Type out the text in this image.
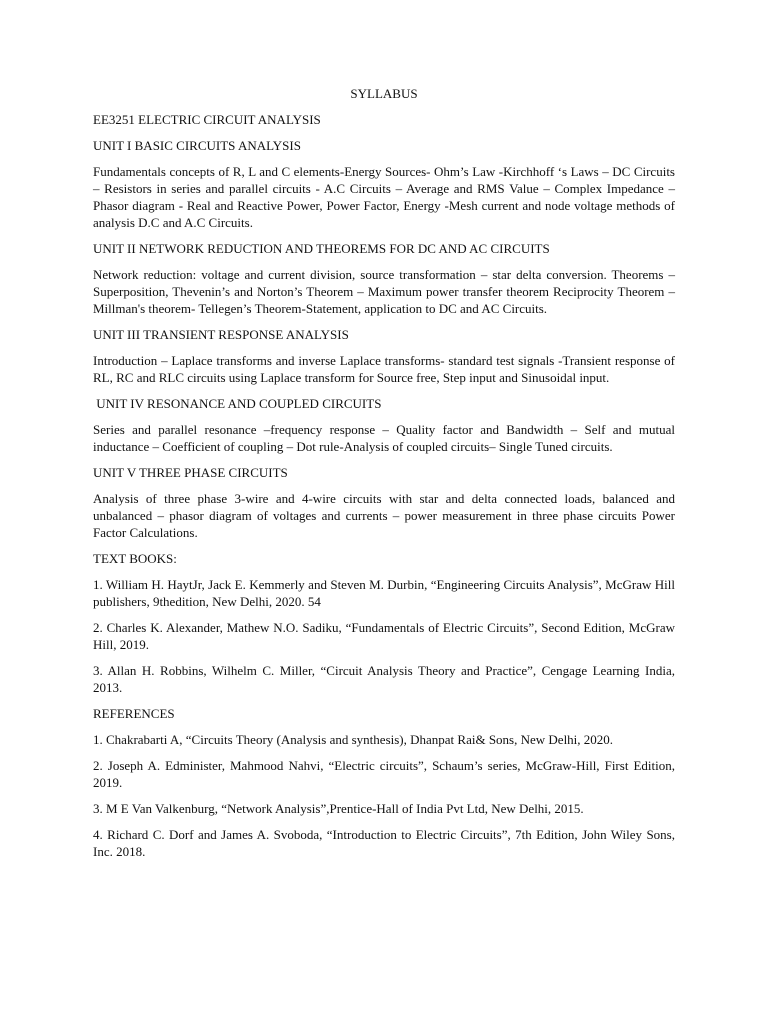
SYLLABUS
EE3251 ELECTRIC CIRCUIT ANALYSIS
UNIT I BASIC CIRCUITS ANALYSIS
Fundamentals concepts of R, L and C elements-Energy Sources- Ohm’s Law -Kirchhoff ‘s Laws – DC Circuits – Resistors in series and parallel circuits - A.C Circuits – Average and RMS Value – Complex Impedance – Phasor diagram - Real and Reactive Power, Power Factor, Energy -Mesh current and node voltage methods of analysis D.C and A.C Circuits.
UNIT II NETWORK REDUCTION AND THEOREMS FOR DC AND AC CIRCUITS
Network reduction: voltage and current division, source transformation – star delta conversion. Theorems – Superposition, Thevenin’s and Norton’s Theorem – Maximum power transfer theorem Reciprocity Theorem – Millman's theorem- Tellegen’s Theorem-Statement, application to DC and AC Circuits.
UNIT III TRANSIENT RESPONSE ANALYSIS
Introduction – Laplace transforms and inverse Laplace transforms- standard test signals -Transient response of RL, RC and RLC circuits using Laplace transform for Source free, Step input and Sinusoidal input.
UNIT IV RESONANCE AND COUPLED CIRCUITS
Series and parallel resonance –frequency response – Quality factor and Bandwidth – Self and mutual inductance – Coefficient of coupling – Dot rule-Analysis of coupled circuits– Single Tuned circuits.
UNIT V THREE PHASE CIRCUITS
Analysis of three phase 3-wire and 4-wire circuits with star and delta connected loads, balanced and unbalanced – phasor diagram of voltages and currents – power measurement in three phase circuits Power Factor Calculations.
TEXT BOOKS:
1. William H. HaytJr, Jack E. Kemmerly and Steven M. Durbin, “Engineering Circuits Analysis”, McGraw Hill publishers, 9thedition, New Delhi, 2020. 54
2. Charles K. Alexander, Mathew N.O. Sadiku, “Fundamentals of Electric Circuits”, Second Edition, McGraw Hill, 2019.
3. Allan H. Robbins, Wilhelm C. Miller, “Circuit Analysis Theory and Practice”, Cengage Learning India, 2013.
REFERENCES
1. Chakrabarti A, “Circuits Theory (Analysis and synthesis), Dhanpat Rai& Sons, New Delhi, 2020.
2. Joseph A. Edminister, Mahmood Nahvi, “Electric circuits”, Schaum’s series, McGraw-Hill, First Edition, 2019.
3. M E Van Valkenburg, “Network Analysis”,Prentice-Hall of India Pvt Ltd, New Delhi, 2015.
4. Richard C. Dorf and James A. Svoboda, “Introduction to Electric Circuits”, 7th Edition, John Wiley Sons, Inc. 2018.
